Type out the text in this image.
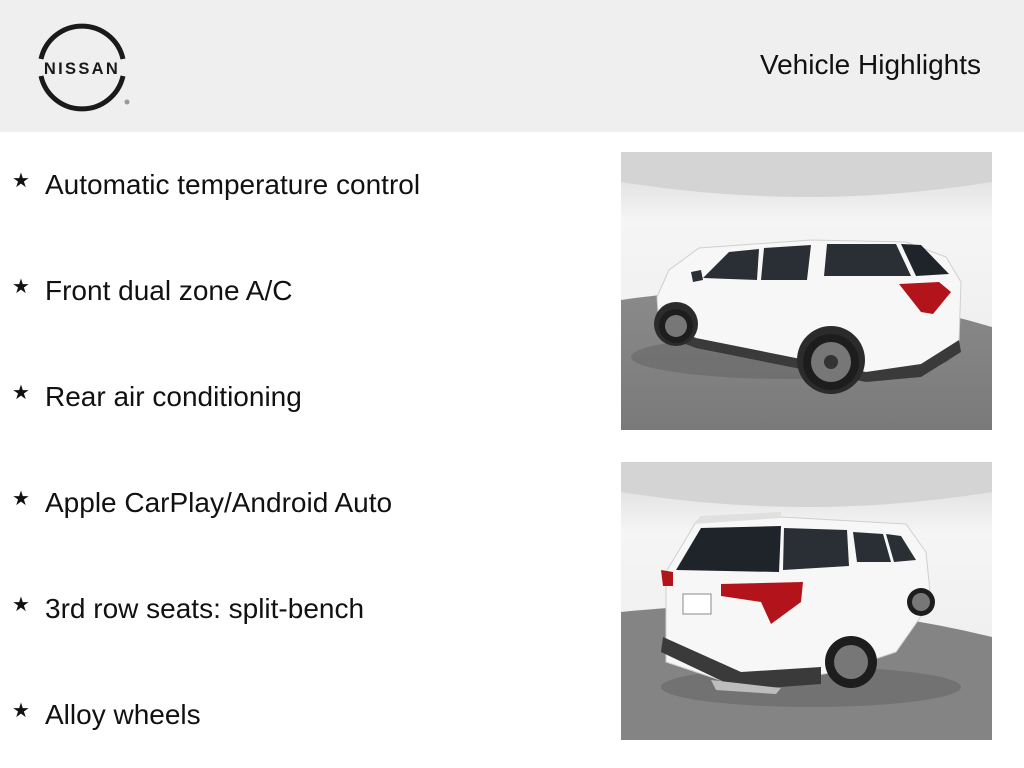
NISSAN	Vehicle Highlights
★ Automatic temperature control
★ Front dual zone A/C
★ Rear air conditioning
★ Apple CarPlay/Android Auto
★ 3rd row seats: split-bench
★ Alloy wheels
